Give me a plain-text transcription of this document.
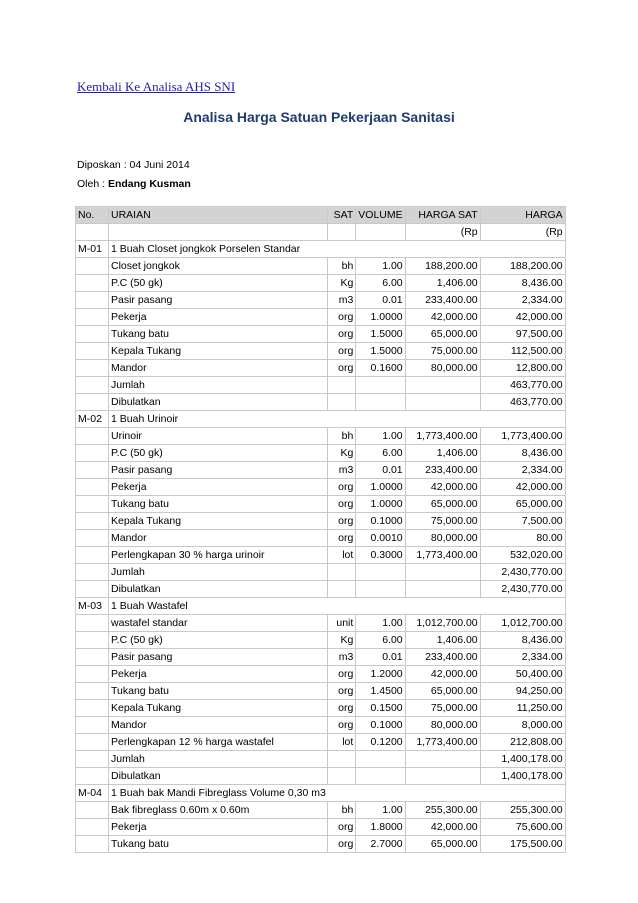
Kembali Ke Analisa AHS SNI
Analisa Harga Satuan Pekerjaan Sanitasi
Diposkan : 04 Juni 2014
Oleh : Endang Kusman
No.	URAIAN	SAT	VOLUME	HARGA SAT	HARGA
				(Rp	(Rp
M-01	1 Buah Closet jongkok Porselen Standar				
	Closet jongkok	bh	1.00	188,200.00	188,200.00
	P.C (50 gk)	Kg	6.00	1,406.00	8,436.00
	Pasir pasang	m3	0.01	233,400.00	2,334.00
	Pekerja	org	1.0000	42,000.00	42,000.00
	Tukang batu	org	1.5000	65,000.00	97,500.00
	Kepala Tukang	org	1.5000	75,000.00	112,500.00
	Mandor	org	0.1600	80,000.00	12,800.00
	Jumlah				463,770.00
	Dibulatkan				463,770.00
M-02	1 Buah Urinoir				
	Urinoir	bh	1.00	1,773,400.00	1,773,400.00
	P.C (50 gk)	Kg	6.00	1,406.00	8,436.00
	Pasir pasang	m3	0.01	233,400.00	2,334.00
	Pekerja	org	1.0000	42,000.00	42,000.00
	Tukang batu	org	1.0000	65,000.00	65,000.00
	Kepala Tukang	org	0.1000	75,000.00	7,500.00
	Mandor	org	0.0010	80,000.00	80.00
	Perlengkapan 30 % harga urinoir	lot	0.3000	1,773,400.00	532,020.00
	Jumlah				2,430,770.00
	Dibulatkan				2,430,770.00
M-03	1 Buah Wastafel				
	wastafel standar	unit	1.00	1,012,700.00	1,012,700.00
	P.C (50 gk)	Kg	6.00	1,406.00	8,436.00
	Pasir pasang	m3	0.01	233,400.00	2,334.00
	Pekerja	org	1.2000	42,000.00	50,400.00
	Tukang batu	org	1.4500	65,000.00	94,250.00
	Kepala Tukang	org	0.1500	75,000.00	11,250.00
	Mandor	org	0.1000	80,000.00	8,000.00
	Perlengkapan 12 % harga wastafel	lot	0.1200	1,773,400.00	212,808.00
	Jumlah				1,400,178.00
	Dibulatkan				1,400,178.00
M-04	1 Buah bak Mandi Fibreglass Volume 0,30 m3				
	Bak fibreglass 0.60m x 0.60m	bh	1.00	255,300.00	255,300.00
	Pekerja	org	1.8000	42,000.00	75,600.00
	Tukang batu	org	2.7000	65,000.00	175,500.00
